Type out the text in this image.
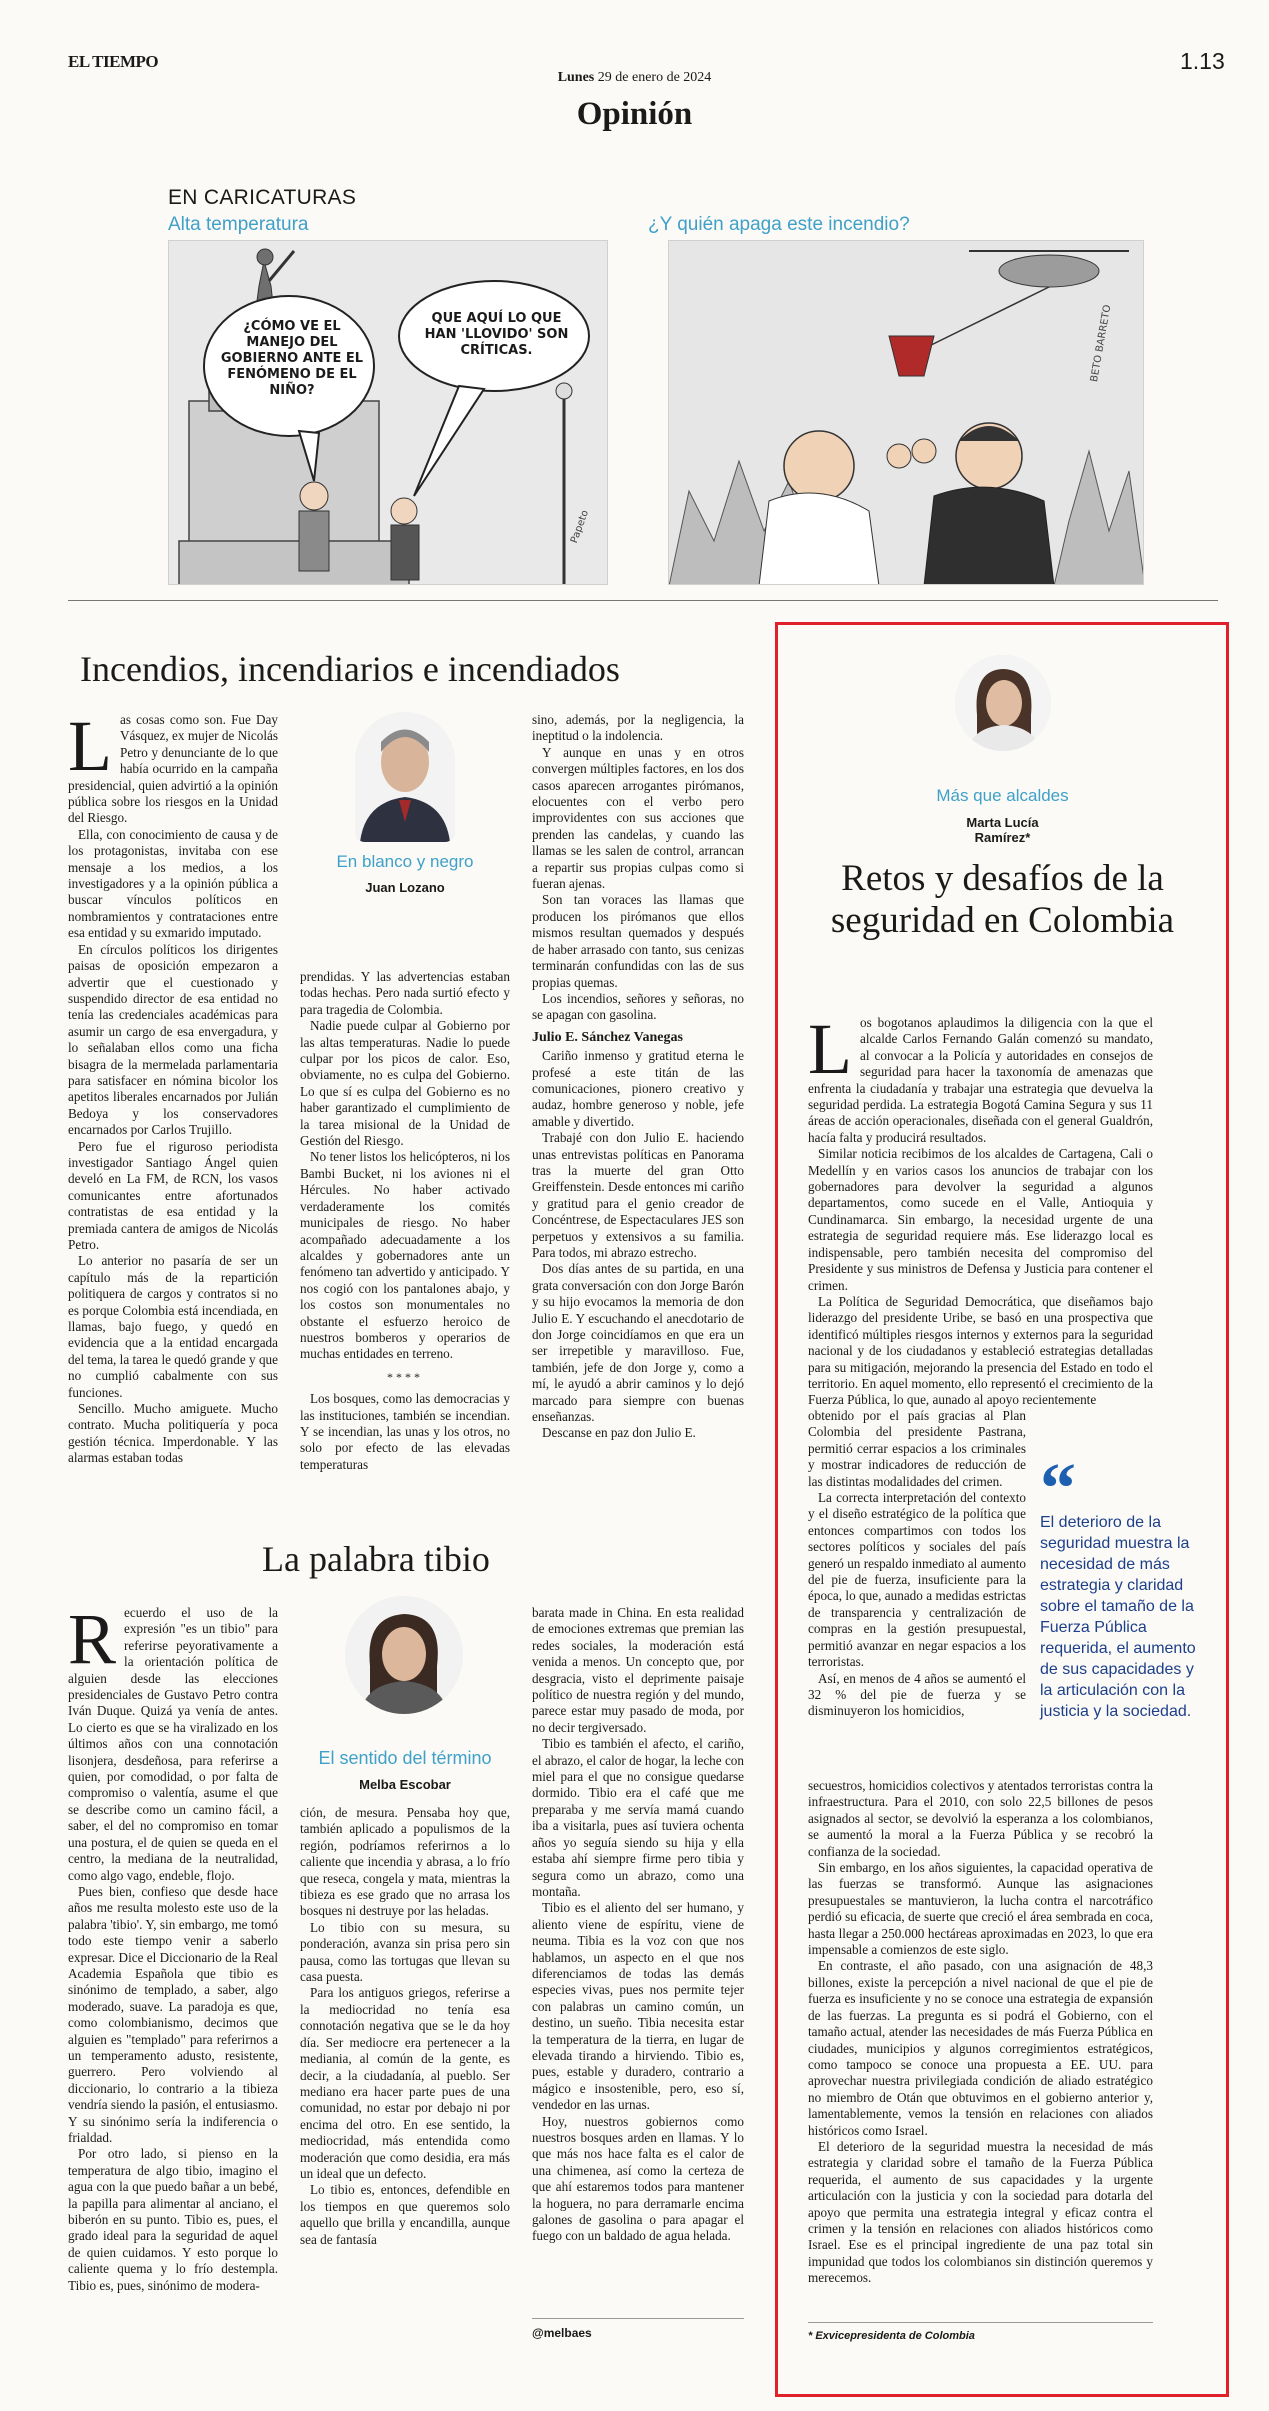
EL TIEMPO	1.13
Lunes 29 de enero de 2024
Opinión
EN CARICATURAS
Alta temperatura	¿Y quién apaga este incendio?
¿CÓMO VE EL MANEJO DEL GOBIERNO ANTE EL FENÓMENO DE EL NIÑO?
QUE AQUÍ LO QUE HAN 'LLOVIDO' SON CRÍTICAS.
Papeto
BETO BARRETO
Incendios, incendiarios e incendiados
L as cosas como son. Fue Day Vásquez, ex mujer de Nicolás Petro y denunciante de lo que había ocurrido en la campaña presidencial, quien advirtió a la opinión pública sobre los riesgos en la Unidad del Riesgo.

Ella, con conocimiento de causa y de los protagonistas, invitaba con ese mensaje a los medios, a los investigadores y a la opinión pública a buscar vínculos políticos en nombramientos y contrataciones entre esa entidad y su exmarido imputado.

En círculos políticos los dirigentes paisas de oposición empezaron a advertir que el cuestionado y suspendido director de esa entidad no tenía las credenciales académicas para asumir un cargo de esa envergadura, y lo señalaban ellos como una ficha bisagra de la mermelada parlamentaria para satisfacer en nómina bicolor los apetitos liberales encarnados por Julián Bedoya y los conservadores encarnados por Carlos Trujillo.

Pero fue el riguroso periodista investigador Santiago Ángel quien develó en La FM, de RCN, los vasos comunicantes entre afortunados contratistas de esa entidad y la premiada cantera de amigos de Nicolás Petro.

Lo anterior no pasaría de ser un capítulo más de la repartición politiquera de cargos y contratos si no es porque Colombia está incendiada, en llamas, bajo fuego, y quedó en evidencia que a la entidad encargada del tema, la tarea le quedó grande y que no cumplió cabalmente con sus funciones.

Sencillo. Mucho amiguete. Mucho contrato. Mucha politiquería y poca gestión técnica. Imperdonable. Y las alarmas estaban todas

En blanco y negro
Juan Lozano

prendidas. Y las advertencias estaban todas hechas. Pero nada surtió efecto y para tragedia de Colombia.

Nadie puede culpar al Gobierno por las altas temperaturas. Nadie lo puede culpar por los picos de calor. Eso, obviamente, no es culpa del Gobierno. Lo que sí es culpa del Gobierno es no haber garantizado el cumplimiento de la tarea misional de la Unidad de Gestión del Riesgo.

No tener listos los helicópteros, ni los Bambi Bucket, ni los aviones ni el Hércules. No haber activado verdaderamente los comités municipales de riesgo. No haber acompañado adecuadamente a los alcaldes y gobernadores ante un fenómeno tan advertido y anticipado. Y nos cogió con los pantalones abajo, y los costos son monumentales no obstante el esfuerzo heroico de nuestros bomberos y operarios de muchas entidades en terreno.

****

Los bosques, como las democracias y las instituciones, también se incendian. Y se incendian, las unas y los otros, no solo por efecto de las elevadas temperaturas

sino, además, por la negligencia, la ineptitud o la indolencia.

Y aunque en unas y en otros convergen múltiples factores, en los dos casos aparecen arrogantes pirómanos, elocuentes con el verbo pero improvidentes con sus acciones que prenden las candelas, y cuando las llamas se les salen de control, arrancan a repartir sus propias culpas como si fueran ajenas.

Son tan voraces las llamas que producen los pirómanos que ellos mismos resultan quemados y después de haber arrasado con tanto, sus cenizas terminarán confundidas con las de sus propias quemas.

Los incendios, señores y señoras, no se apagan con gasolina.

Julio E. Sánchez Vanegas

Cariño inmenso y gratitud eterna le profesé a este titán de las comunicaciones, pionero creativo y audaz, hombre generoso y noble, jefe amable y divertido.

Trabajé con don Julio E. haciendo unas entrevistas políticas en Panorama tras la muerte del gran Otto Greiffenstein. Desde entonces mi cariño y gratitud para el genio creador de Concéntrese, de Espectaculares JES son perpetuos y extensivos a su familia. Para todos, mi abrazo estrecho.

Dos días antes de su partida, en una grata conversación con don Jorge Barón y su hijo evocamos la memoria de don Julio E. Y escuchando el anecdotario de don Jorge coincidíamos en que era un ser irrepetible y maravilloso. Fue, también, jefe de don Jorge y, como a mí, le ayudó a abrir caminos y lo dejó marcado para siempre con buenas enseñanzas.

Descanse en paz don Julio E.

La palabra tibio
R ecuerdo el uso de la expresión "es un tibio" para referirse peyorativamente a la orientación política de alguien desde las elecciones presidenciales de Gustavo Petro contra Iván Duque. Quizá ya venía de antes. Lo cierto es que se ha viralizado en los últimos años con una connotación lisonjera, desdeñosa, para referirse a quien, por comodidad, o por falta de compromiso o valentía, asume el que se describe como un camino fácil, a saber, el del no compromiso en tomar una postura, el de quien se queda en el centro, la mediana de la neutralidad, como algo vago, endeble, flojo.

Pues bien, confieso que desde hace años me resulta molesto este uso de la palabra 'tibio'. Y, sin embargo, me tomó todo este tiempo venir a saberlo expresar. Dice el Diccionario de la Real Academia Española que tibio es sinónimo de templado, a saber, algo moderado, suave. La paradoja es que, como colombianismo, decimos que alguien es "templado" para referirnos a un temperamento adusto, resistente, guerrero. Pero volviendo al diccionario, lo contrario a la tibieza vendría siendo la pasión, el entusiasmo. Y su sinónimo sería la indiferencia o frialdad.

Por otro lado, si pienso en la temperatura de algo tibio, imagino el agua con la que puedo bañar a un bebé, la papilla para alimentar al anciano, el biberón en su punto. Tibio es, pues, el grado ideal para la seguridad de aquel de quien cuidamos. Y esto porque lo caliente quema y lo frío destempla. Tibio es, pues, sinónimo de modera-

El sentido del término
Melba Escobar

ción, de mesura. Pensaba hoy que, también aplicado a populismos de la región, podríamos referirnos a lo caliente que incendia y abrasa, a lo frío que reseca, congela y mata, mientras la tibieza es ese grado que no arrasa los bosques ni destruye por las heladas.

Lo tibio con su mesura, su ponderación, avanza sin prisa pero sin pausa, como las tortugas que llevan su casa puesta.

Para los antiguos griegos, referirse a la mediocridad no tenía esa connotación negativa que se le da hoy día. Ser mediocre era pertenecer a la mediania, al común de la gente, es decir, a la ciudadanía, al pueblo. Ser mediano era hacer parte pues de una comunidad, no estar por debajo ni por encima del otro. En ese sentido, la mediocridad, más entendida como moderación que como desidia, era más un ideal que un defecto.

Lo tibio es, entonces, defendible en los tiempos en que queremos solo aquello que brilla y encandilla, aunque sea de fantasía

barata made in China. En esta realidad de emociones extremas que premian las redes sociales, la moderación está venida a menos. Un concepto que, por desgracia, visto el deprimente paisaje político de nuestra región y del mundo, parece estar muy pasado de moda, por no decir tergiversado.

Tibio es también el afecto, el cariño, el abrazo, el calor de hogar, la leche con miel para el que no consigue quedarse dormido. Tibio era el café que me preparaba y me servía mamá cuando iba a visitarla, pues así tuviera ochenta años yo seguía siendo su hija y ella estaba ahí siempre firme pero tibia y segura como un abrazo, como una montaña.

Tibio es el aliento del ser humano, y aliento viene de espíritu, viene de neuma. Tibia es la voz con que nos hablamos, un aspecto en el que nos diferenciamos de todas las demás especies vivas, pues nos permite tejer con palabras un camino común, un destino, un sueño. Tibia necesita estar la temperatura de la tierra, en lugar de elevada tirando a hirviendo. Tibio es, pues, estable y duradero, contrario a mágico e insostenible, pero, eso sí, vendedor en las urnas.

Hoy, nuestros gobiernos como nuestros bosques arden en llamas. Y lo que más nos hace falta es el calor de una chimenea, así como la certeza de que ahí estaremos todos para mantener la hoguera, no para derramarle encima galones de gasolina o para apagar el fuego con un baldado de agua helada.

@melbaes
Más que alcaldes
Marta Lucía
Ramírez*
Retos y desafíos de la seguridad en Colombia
L os bogotanos aplaudimos la diligencia con la que el alcalde Carlos Fernando Galán comenzó su mandato, al convocar a la Policía y autoridades en consejos de seguridad para hacer la taxonomía de amenazas que enfrenta la ciudadanía y trabajar una estrategia que devuelva la seguridad perdida. La estrategia Bogotá Camina Segura y sus 11 áreas de acción operacionales, diseñada con el general Gualdrón, hacía falta y producirá resultados.

Similar noticia recibimos de los alcaldes de Cartagena, Cali o Medellín y en varios casos los anuncios de trabajar con los gobernadores para devolver la seguridad a algunos departamentos, como sucede en el Valle, Antioquia y Cundinamarca. Sin embargo, la necesidad urgente de una estrategia de seguridad requiere más. Ese liderazgo local es indispensable, pero también necesita del compromiso del Presidente y sus ministros de Defensa y Justicia para contener el crimen.

La Política de Seguridad Democrática, que diseñamos bajo liderazgo del presidente Uribe, se basó en una prospectiva que identificó múltiples riesgos internos y externos para la seguridad nacional y de los ciudadanos y estableció estrategias detalladas para su mitigación, mejorando la presencia del Estado en todo el territorio. En aquel momento, ello representó el crecimiento de la Fuerza Pública, lo que, aunado al apoyo recientemente

obtenido por el país gracias al Plan Colombia del presidente Pastrana, permitió cerrar espacios a los criminales y mostrar indicadores de reducción de las distintas modalidades del crimen.

La correcta interpretación del contexto y el diseño estratégico de la política que entonces compartimos con todos los sectores políticos y sociales del país generó un respaldo inmediato al aumento del pie de fuerza, insuficiente para la época, lo que, aunado a medidas estrictas de transparencia y centralización de compras en la gestión presupuestal, permitió avanzar en negar espacios a los terroristas.

Así, en menos de 4 años se aumentó el 32 % del pie de fuerza y se disminuyeron los homicidios,

“
El deterioro de la seguridad muestra la necesidad de más estrategia y claridad sobre el tamaño de la Fuerza Pública requerida, el aumento de sus capacidades y la articulación con la justicia y la sociedad.

secuestros, homicidios colectivos y atentados terroristas contra la infraestructura. Para el 2010, con solo 22,5 billones de pesos asignados al sector, se devolvió la esperanza a los colombianos, se aumentó la moral a la Fuerza Pública y se recobró la confianza de la sociedad.

Sin embargo, en los años siguientes, la capacidad operativa de las fuerzas se transformó. Aunque las asignaciones presupuestales se mantuvieron, la lucha contra el narcotráfico perdió su eficacia, de suerte que creció el área sembrada en coca, hasta llegar a 250.000 hectáreas aproximadas en 2023, lo que era impensable a comienzos de este siglo.

En contraste, el año pasado, con una asignación de 48,3 billones, existe la percepción a nivel nacional de que el pie de fuerza es insuficiente y no se conoce una estrategia de expansión de las fuerzas. La pregunta es si podrá el Gobierno, con el tamaño actual, atender las necesidades de más Fuerza Pública en ciudades, municipios y algunos corregimientos estratégicos, como tampoco se conoce una propuesta a EE. UU. para aprovechar nuestra privilegiada condición de aliado estratégico no miembro de Otán que obtuvimos en el gobierno anterior y, lamentablemente, vemos la tensión en relaciones con aliados históricos como Israel.

El deterioro de la seguridad muestra la necesidad de más estrategia y claridad sobre el tamaño de la Fuerza Pública requerida, el aumento de sus capacidades y la urgente articulación con la justicia y con la sociedad para dotarla del apoyo que permita una estrategia integral y eficaz contra el crimen y la tensión en relaciones con aliados históricos como Israel. Ese es el principal ingrediente de una paz total sin impunidad que todos los colombianos sin distinción queremos y merecemos.

* Exvicepresidenta de Colombia
